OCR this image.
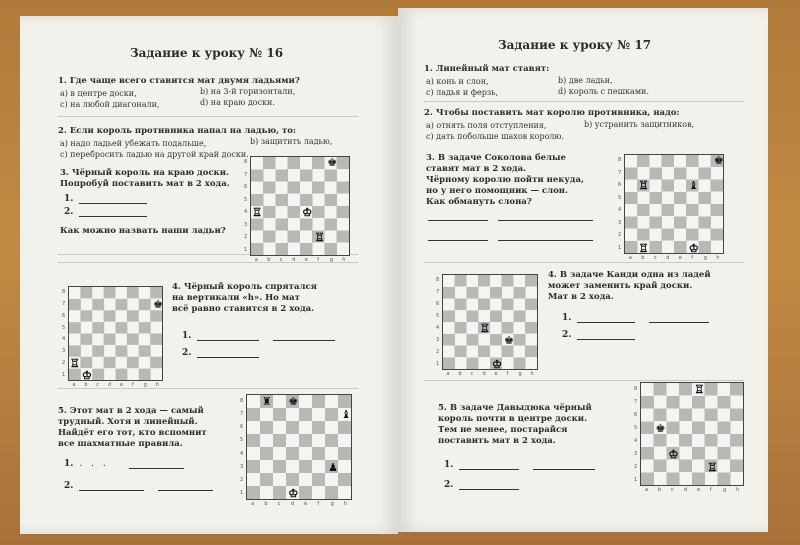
Задание к уроку № 16
1. Где чаще всего ставится мат двумя ладьями?
а) в центре доски,	b) на 3-й горизонтали,
с) на любой диагонали,	d) на краю доски.
2. Если король противника напал на ладью, то:
a) надо ладьей убежать подальше,	b) защитить ладью,
c) перебросить ладью на другой край доски.
3. Чёрный король на краю доски.
Попробуй поставить мат в 2 хода.
1.
2.
Как можно назвать наши ладьи?
♚
♖	♔
♖
♚
♖
♔
4. Чёрный король спрятался
на вертикали «h». Но мат
всё равно ставится в 2 хода.
1.
2.
5. Этот мат в 2 хода — самый
трудный. Хотя и линейный.
Найдёт его тот, кто вспомнит
все шахматные правила.
1. . . .
2.
♜ ♚
♝
♟
♔
8
7
6
5
4
3
2
1
a b c d e f g h
8
7
6
5
4
3
2
1
a b c d e f g h
8
7
6
5
4
3
2
1
a b c d e f g h
Задание к уроку № 17
1. Линейный мат ставят:
а) конь и слон,	b) две ладьи,
с) ладья и ферзь,	d) король с пешками.
2. Чтобы поставить мат королю противника, надо:
а) отнять поля отступления,	b) устранить защитников,
с) дать побольше шахов королю.
3. В задаче Соколова белые
ставят мат в 2 хода.
Чёрному королю пойти некуда,
но у него помощник — слон.
Как обмануть слона?
♚
♖	♝
♖	♔
♖
♚
♔
4. В задаче Канди одна из ладей
может заменить край доски.
Мат в 2 хода.
1.
2.
5. В задаче Давыдюка чёрный
король почти в центре доски.
Тем не менее, постарайся
поставить мат в 2 хода.
1.
2.
♖
♚
♔
♖
8
7
6
5
4
3
2
1
a b c d e f g h
8
7
6
5
4
3
2
1
a b c d e f g h
8
7
6
5
4
3
2
1
a b c d e f g h
